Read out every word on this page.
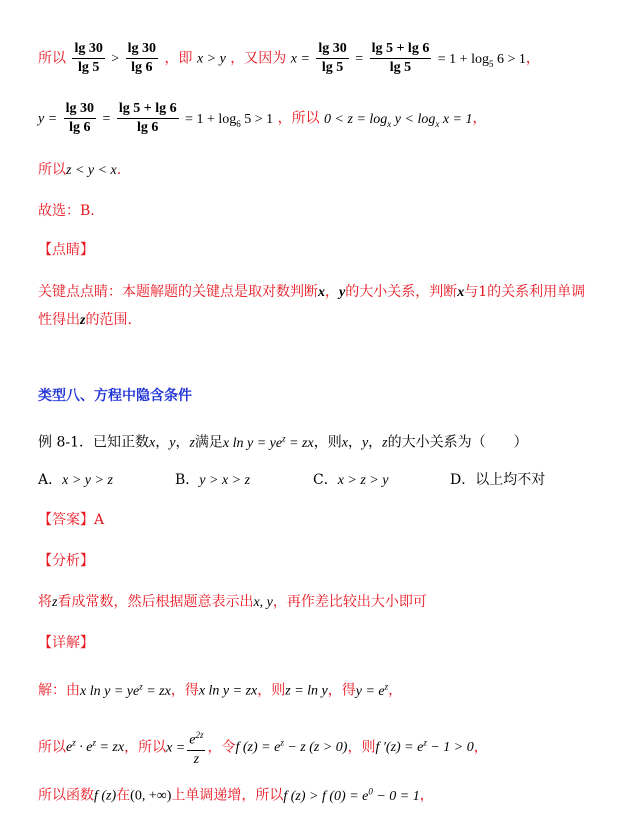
所以 $\frac{\lg 30}{\lg 5} > \frac{\lg 30}{\lg 6}$ ，即 x > y ，又因为 $x = \frac{\lg 30}{\lg 5} = \frac{\lg 5 + \lg 6}{\lg 5} = 1 + \log_5 6 > 1$，
$y = \frac{\lg 30}{\lg 6} = \frac{\lg 5 + \lg 6}{\lg 6} = 1 + \log_6 5 > 1$ ，所以 $0 < z = \log_x y < \log_x x = 1$，
所以z < y < x.
故选：B.
【点睛】
关键点点睛：本题解题的关键点是取对数判断x，y的大小关系，判断x与1的关系利用单调
性得出z的范围.
类型八、方程中隐含条件
例 8-1．已知正数x，y，z满足x $\ln y = ye^z$ = zx，则x，y，z的大小关系为（　　）
A．x > y > z	B．y > x > z	C．x > z > y	D．以上均不对
【答案】A
【分析】
将z看成常数，然后根据题意表示出x, y，再作差比较出大小即可
【详解】
解：由x $\ln y = ye^z$ = zx，得x ln y = zx，则z = ln y，得$y = e^z$，
所以$e^z \cdot e^z$ = zx，所以$x = \frac{e^{2z}}{z}$ ，令f $(z) = e^z - z$ (z > 0)，则f $'(z) = e^z - 1 > 0$，
所以函数f (z)在(0, +∞)上单调递增，所以f (z) > f $(0) = e^0 - 0 = 1$，
